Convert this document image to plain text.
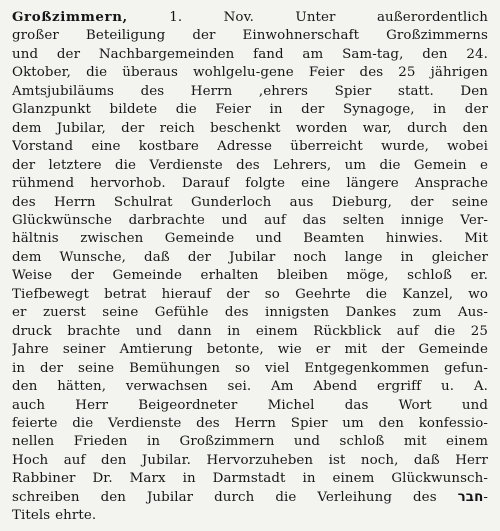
Großzimmern, 1. Nov. Unter außerordentlich
großer Beteiligung der Einwohnerschaft Großzimmerns
und der Nachbargemeinden fand am Sam-tag, den 24.
Oktober, die überaus wohlgelu-gene Feier des 25 jährigen
Amtsjubiläums des Herrn ,ehrers Spier statt. Den
Glanzpunkt bildete die Feier in der Synagoge, in der
dem Jubilar, der reich beschenkt worden war, durch den
Vorstand eine kostbare Adresse überreicht wurde, wobei
der letztere die Verdienste des Lehrers, um die Gemein e
rühmend hervorhob. Darauf folgte eine längere Ansprache
des Herrn Schulrat Gunderloch aus Dieburg, der seine
Glückwünsche darbrachte und auf das selten innige Ver-
hältnis zwischen Gemeinde und Beamten hinwies. Mit
dem Wunsche, daß der Jubilar noch lange in gleicher
Weise der Gemeinde erhalten bleiben möge, schloß er.
Tiefbewegt betrat hierauf der so Geehrte die Kanzel, wo
er zuerst seine Gefühle des innigsten Dankes zum Aus-
druck brachte und dann in einem Rückblick auf die 25
Jahre seiner Amtierung betonte, wie er mit der Gemeinde
in der seine Bemühungen so viel Entgegenkommen gefun-
den hätten, verwachsen sei. Am Abend ergriff u. A.
auch Herr Beigeordneter Michel das Wort und
feierte die Verdienste des Herrn Spier um den konfessio-
nellen Frieden in Großzimmern und schloß mit einem
Hoch auf den Jubilar. Hervorzuheben ist noch, daß Herr
Rabbiner Dr. Marx in Darmstadt in einem Glückwunsch-
schreiben den Jubilar durch die Verleihung des חבר-
Titels ehrte.
